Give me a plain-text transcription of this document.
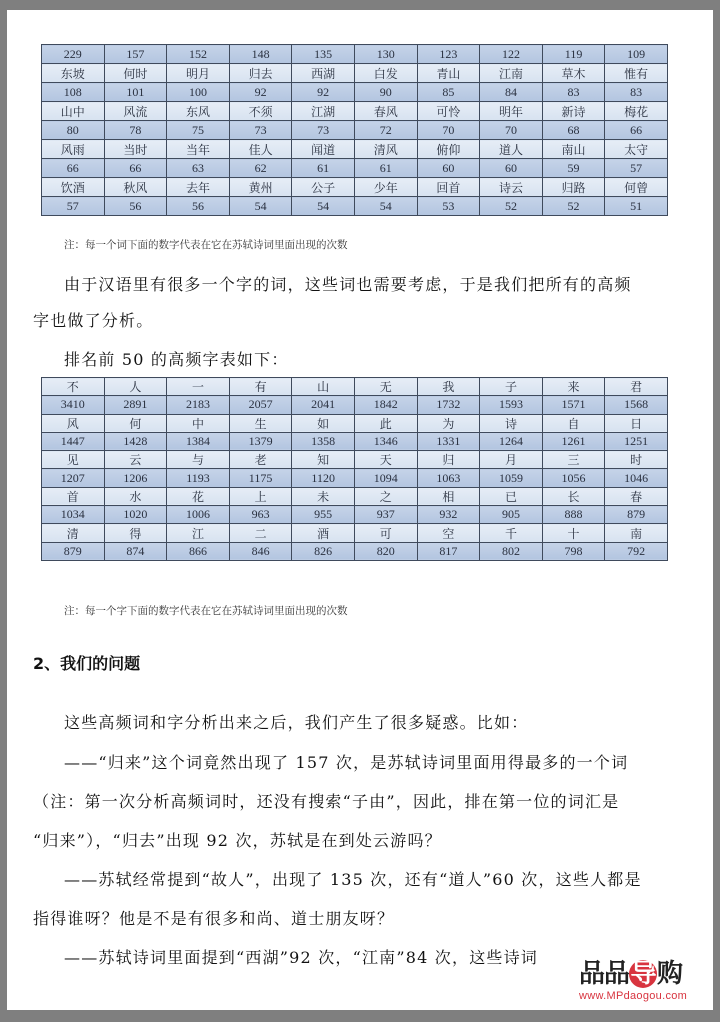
229	157	152	148	135	130	123	122	119	109
东坡	何时	明月	归去	西湖	白发	青山	江南	草木	惟有
108	101	100	92	92	90	85	84	83	83
山中	风流	东风	不须	江湖	春风	可怜	明年	新诗	梅花
80	78	75	73	73	72	70	70	68	66
风雨	当时	当年	佳人	闻道	清风	俯仰	道人	南山	太守
66	66	63	62	61	61	60	60	59	57
饮酒	秋风	去年	黄州	公子	少年	回首	诗云	归路	何曾
57	56	56	54	54	54	53	52	52	51
注：每一个词下面的数字代表在它在苏轼诗词里面出现的次数
由于汉语里有很多一个字的词，这些词也需要考虑，于是我们把所有的高频
字也做了分析。
排名前 50 的高频字表如下：
不	人	一	有	山	无	我	子	来	君
3410	2891	2183	2057	2041	1842	1732	1593	1571	1568
风	何	中	生	如	此	为	诗	自	日
1447	1428	1384	1379	1358	1346	1331	1264	1261	1251
见	云	与	老	知	天	归	月	三	时
1207	1206	1193	1175	1120	1094	1063	1059	1056	1046
首	水	花	上	未	之	相	已	长	春
1034	1020	1006	963	955	937	932	905	888	879
清	得	江	二	酒	可	空	千	十	南
879	874	866	846	826	820	817	802	798	792
注：每一个字下面的数字代表在它在苏轼诗词里面出现的次数
2、我们的问题
这些高频词和字分析出来之后，我们产生了很多疑惑。比如：
——“归来”这个词竟然出现了 157 次，是苏轼诗词里面用得最多的一个词
（注：第一次分析高频词时，还没有搜索“子由”，因此，排在第一位的词汇是
“归来”），“归去”出现 92 次，苏轼是在到处云游吗？
——苏轼经常提到“故人”，出现了 135 次，还有“道人”60 次，这些人都是
指得谁呀？他是不是有很多和尚、道士朋友呀？
——苏轼诗词里面提到“西湖”92 次，“江南”84 次，这些诗词
品品导购
www.MPdaogou.com
